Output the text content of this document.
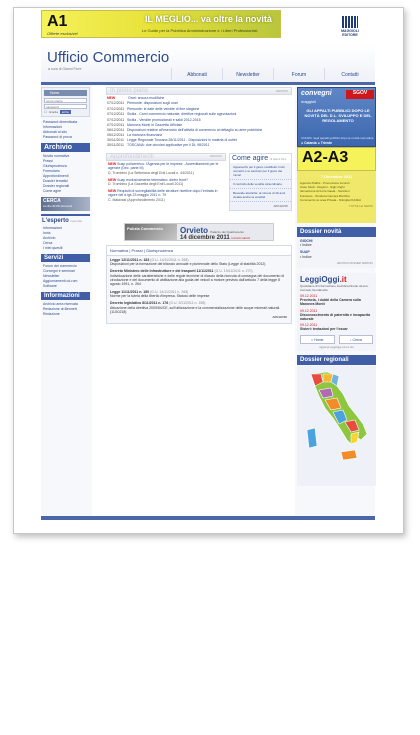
A1	IL MEGLIO... va oltre la novità
Le Guide per la Pubblica Amministrazione e i Liberi Professionisti
Offerte esclusive!	MAGGIOLI EDITORE
Ufficio Commercio
a cura di Gianni Fiore
Abbonati	Newsletter	Forum	Contatti
Home
nome utente
password
☐ ricorda	entra
Password dimenticata
Informazioni
Abbonati al sito
Password di prova
Archivio
Novità normative
Prassi
Giurisprudenza
Formulario
Approfondimenti
Dossier tematici
Dossier regionali
Come agire
CERCA
tra oltre 30.000 documenti
L'esperto risponde
Informazioni
Invia
Archivio
Cerca
I miei quesiti
Servizi
Forum dei commercio
Convegni e seminari
Newsletter
Aggiornamenti cd-rom
Software
Informazioni
Archivio area riservata
Redazione dr.Bennett
Redazione
In primo piano	ARCHIVIO
NEW	Orari: ancora modifiche
07/12/2011 Piemonte: disposizioni sugli orari
07/12/2011 Piemonte: le date delle vendite di fine stagione
07/12/2011 Sicilia - Carni commercio naturale: direttive regionali sulle agevolazioni
07/12/2011 Sicilia - Vendite promozionali e saldi 2012-2015
07/12/2011 Manovra Monti in Gazzetta Ufficiale
06/12/2011 Disposizioni relative all'esercizio dell'attività di commercio al dettaglio su aree pubbliche
05/12/2011 La manovra finanziaria
30/11/2011 Legge Regionale Toscana 28/11/2011 - Disposizioni in materia di outlet
30/11/2011 TOSCANA: due circolari applicative per il DL 98/2011
Approfondimenti	ARCHIVIO
NEW Suap policentrico: l'Agenda per le imprese - Accreditamenti per le agenzie (Dec. parte III)
D. Trombino (La Settimana degli Enti Locali n. 44/2011)
NEW Suap esclusivamente telematico: dietro front?
D. Trombino (La Gazzetta degli Enti Locali 2011)
NEW Requisiti di sorvegliabilità delle strutture ricettive dopo l'entrata in vigore del d.lgs 23 maggio 2011 n. 79
C. Malavasi (Approfondimento 2011)
Come agire di Gianni Fiore
Apparecchi per il gioco modificati: limiti numerici e le sanzioni per il gioco dei minori
Il controllo delle vendite straordinarie
Bevande alcoliche: al minore di 16 anni vietata anche la vendita!
ARCHIVIO
Polizia Commercio	Orvieto Palazzo del Quattrocento
14 dicembre 2011 Iscriviti subito!
Normativa | Prassi | Giurisprudenza
Legge 12/11/2011 n. 183 (G.U. 14/11/2011 n. 265)
Disposizioni per la formazione del bilancio annuale e pluriennale dello Stato (Legge di stabilità 2012)
Decreto Ministero delle Infrastrutture e dei trasporti 11/11/2011 (G.U. 19/11/2011 n. 270)
Individuazione delle caratteristiche e delle regole tecniche di rilascio della ricevuta di consegna del documento di circolazione e del documento di abilitazione alla guida dei veicoli a motore previsto dall'articolo 7 della legge 8 agosto 1991, n. 264
Legge 11/11/2011 n. 180 (G.U. 14/11/2011 n. 265)
Norme per la tutela della libertà d'impresa. Statuto delle imprese
Decreto legislativo 8/11/2011 n. 176 (G.U. 5/11/2011 n. 158)
Attuazione della direttiva 2009/54/CE, sull'utilizzazione e la commercializzazione delle acque minerali naturali. (11G0218)
ARCHIVIO
convegni	SGOV
maggioli
GLI APPALTI PUBBLICI DOPO LE NOVITÀ DEL D.L. SVILUPPO E DEL REGOLAMENTO
Il DURC negli appalti pubblici dopo le novità normative
● Catania ● Trieste
A2-A3
7 Dicembre 2011
Agenzia Piallini - Promozione Incontri
Case Studi - Regioni - Sigli Unghi
Iannazzone Azzurre Gaela - Sanzioni
Fontanes - Struttura Camera Bonifica
Commercio su area Privata - Nitinglia Pubblici
TUTTE LE NEWS
Dossier novità
GIOCHI
• Indice
SUAP
• Indice
ARCHIVIO DOSSIER TEMATICI
LeggiOggi.it
Quotidiano di Informazione Giuridica Diretto da Avv. Carmelo Giurdanella
09.12.2011
Provincia, i dubbi della Camera sulla Manovra Monti
09.12.2011
Disconoscimento di paternità e incapacità naturale
09.12.2011
Sisteri: tentazioni per l'oscar
⌂ Home	⌕ Cerca
Aggiungi LeggiOggi sul tuo sito
Dossier regionali
